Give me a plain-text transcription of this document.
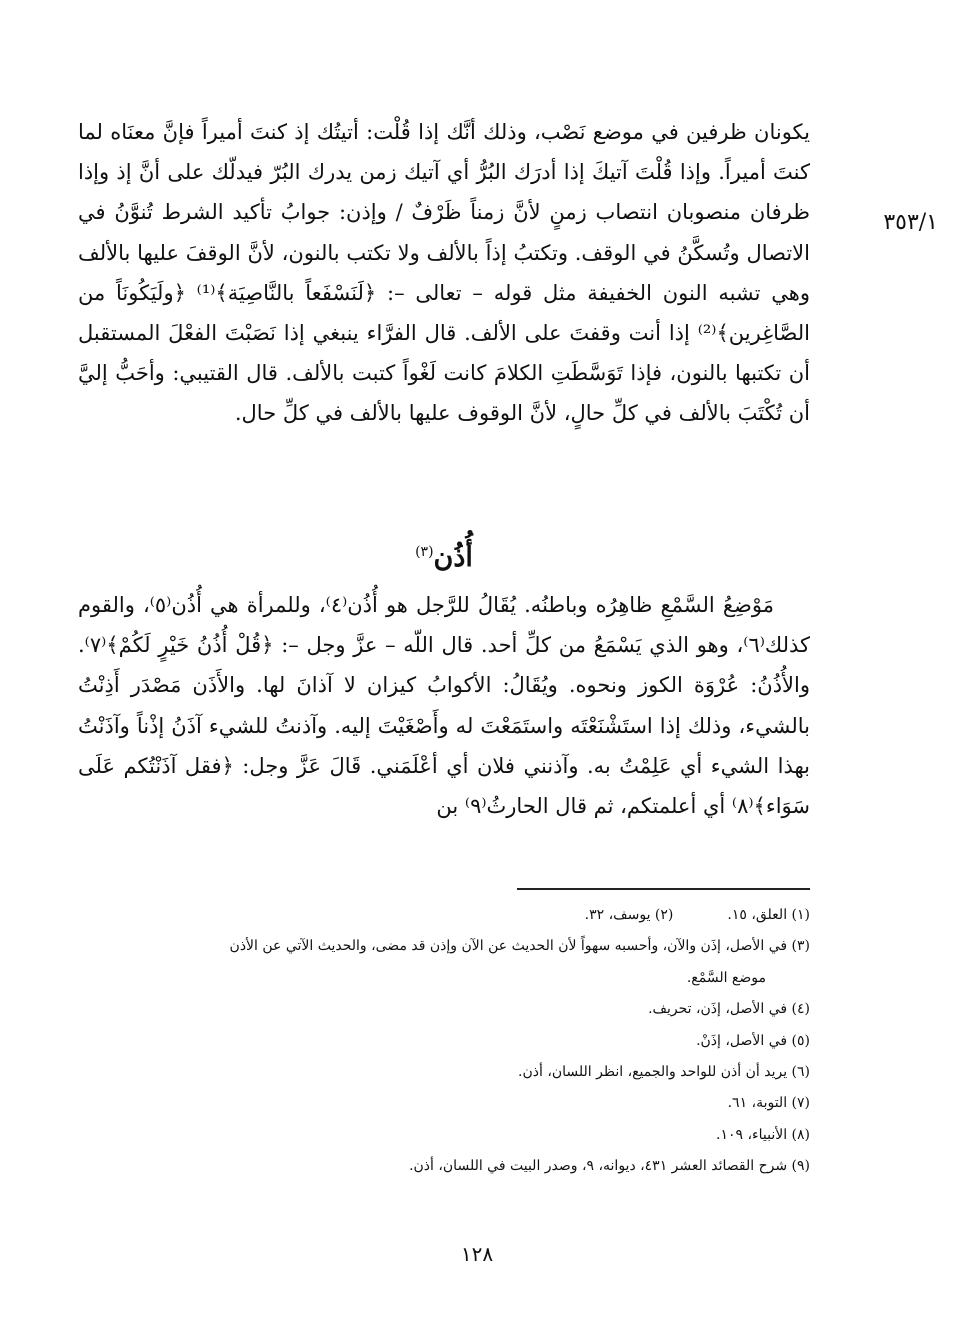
٣٥٣/١

يكونان ظرفين في موضع نَصْب، وذلك أنَّك إذا قُلْت: أتيتُك إذ كنتَ أميراً فإنَّ معنَاه لما كنتَ أميراً. وإذا قُلْتَ آتيكَ إذا أدرَك البُرُّ أي آتيك زمن يدرك البُرّ فيدلّك على أنَّ إذ وإذا ظرفان منصوبان انتصاب زمنٍ لأنَّ زمناً ظَرْفٌ / وإذن: جوابُ تأكيد الشرط تُنوَّنُ في الاتصال وتُسكَّنُ في الوقف. وتكتبُ إذاً بالألف ولا تكتب بالنون، لأنَّ الوقفَ عليها بالألف وهي تشبه النون الخفيفة مثل قوله – تعالى –: ﴿لَنَسْفَعاً بالنَّاصِيَة﴾⁽¹⁾ ﴿ولَيَكُونَاً من الصَّاغِرين﴾⁽²⁾ إذا أنت وقفتَ على الألف. قال الفرَّاء ينبغي إذا نَصَبْتَ الفعْلَ المستقبل أن تكتبها بالنون، فإذا تَوَسَّطَتِ الكلامَ كانت لَغْواً كتبت بالألف. قال القتيبي: وأحَبُّ إليَّ أن تُكْتَبَ بالألف في كلِّ حالٍ، لأنَّ الوقوف عليها بالألف في كلِّ حال.

أُذُن$^{(٣)}$

مَوْضِعُ السَّمْعِ ظاهِرُه وباطنُه. يُقَالُ للرَّجل هو أُذُن⁽٤⁾، وللمرأة هي أُذُن⁽٥⁾، والقوم كذلك⁽٦⁾، وهو الذي يَسْمَعُ من كلِّ أحد. قال اللّه – عزَّ وجل –: ﴿قُلْ أُذُنُ خَيْرٍ لَكُمْ﴾⁽٧⁾. والأُذُنُ: عُرْوَة الكوز ونحوه. ويُقَالُ: الأكوابُ كيزان لا آذانَ لها. والأَذَن مَصْدَر أَذِنْتُ بالشيء، وذلك إذا استَشْنَعْتَه واستَمَعْتَ له وأَصْغَيْتَ إليه. وآذنتُ للشيء آذَنُ إذْناً وآذَنْتُ بهذا الشيء أي عَلِمْتُ به. وآذنني فلان أي أعْلَمَني. قَالَ عَزَّ وجل: ﴿فقل آذَنْتُكم عَلَى سَوَاء﴾⁽٨⁾ أي أعلمتكم، ثم قال الحارثُ⁽٩⁾ بن

(١) العلق، ١٥.(٢) يوسف، ٣٢.

(٣) في الأصل، إذَن والآن، وأحسبه سهواً لأن الحديث عن الآن وإذن قد مضى، والحديث الآتي عن الأذن

موضع السَّمْع.

(٤) في الأصل، إذَن، تحريف.

(٥) في الأصل، إذَنْ.

(٦) يريد أن أذن للواحد والجميع، انظر اللسان، أذن.

(٧) التوبة، ٦١.

(٨) الأنبياء، ١٠٩.

(٩) شرح القصائد العشر ٤٣١، ديوانه، ٩، وصدر البيت في اللسان، أذن.

١٢٨
